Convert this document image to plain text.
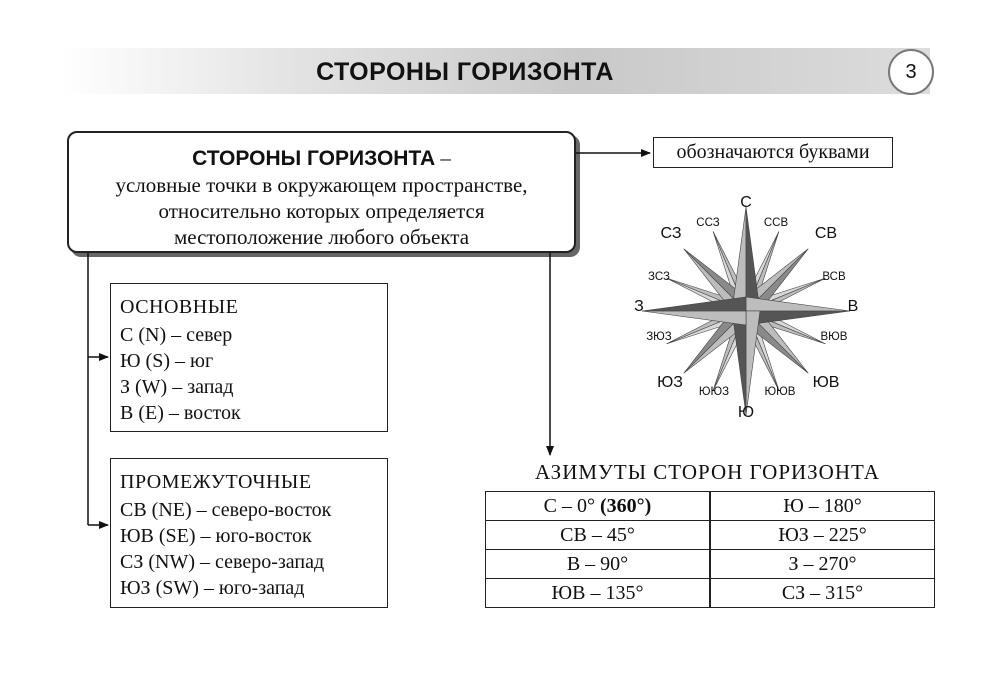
СТОРОНЫ ГОРИЗОНТА	3
СТОРОНЫ ГОРИЗОНТА –
условные точки в окружающем пространстве,
относительно которых определяется
местоположение любого объекта
обозначаются буквами
ОСНОВНЫЕ
С (N) – север
Ю (S) – юг
З (W) – запад
В (E) – восток
ПРОМЕЖУТОЧНЫЕ
СВ (NE) – северо-восток
ЮВ (SE) – юго-восток
СЗ (NW) – северо-запад
ЮЗ (SW) – юго-запад
АЗИМУТЫ СТОРОН ГОРИЗОНТА
С – 0° (360°)	Ю – 180°
СВ – 45°	ЮЗ – 225°
В – 90°	З – 270°
ЮВ – 135°	СЗ – 315°
С
В
Ю
З
СВ
ЮВ
ЮЗ
СЗ
ССВ
ВСВ
ВЮВ
ЮЮВ
ЮЮЗ
ЗЮЗ
ЗСЗ
ССЗ
